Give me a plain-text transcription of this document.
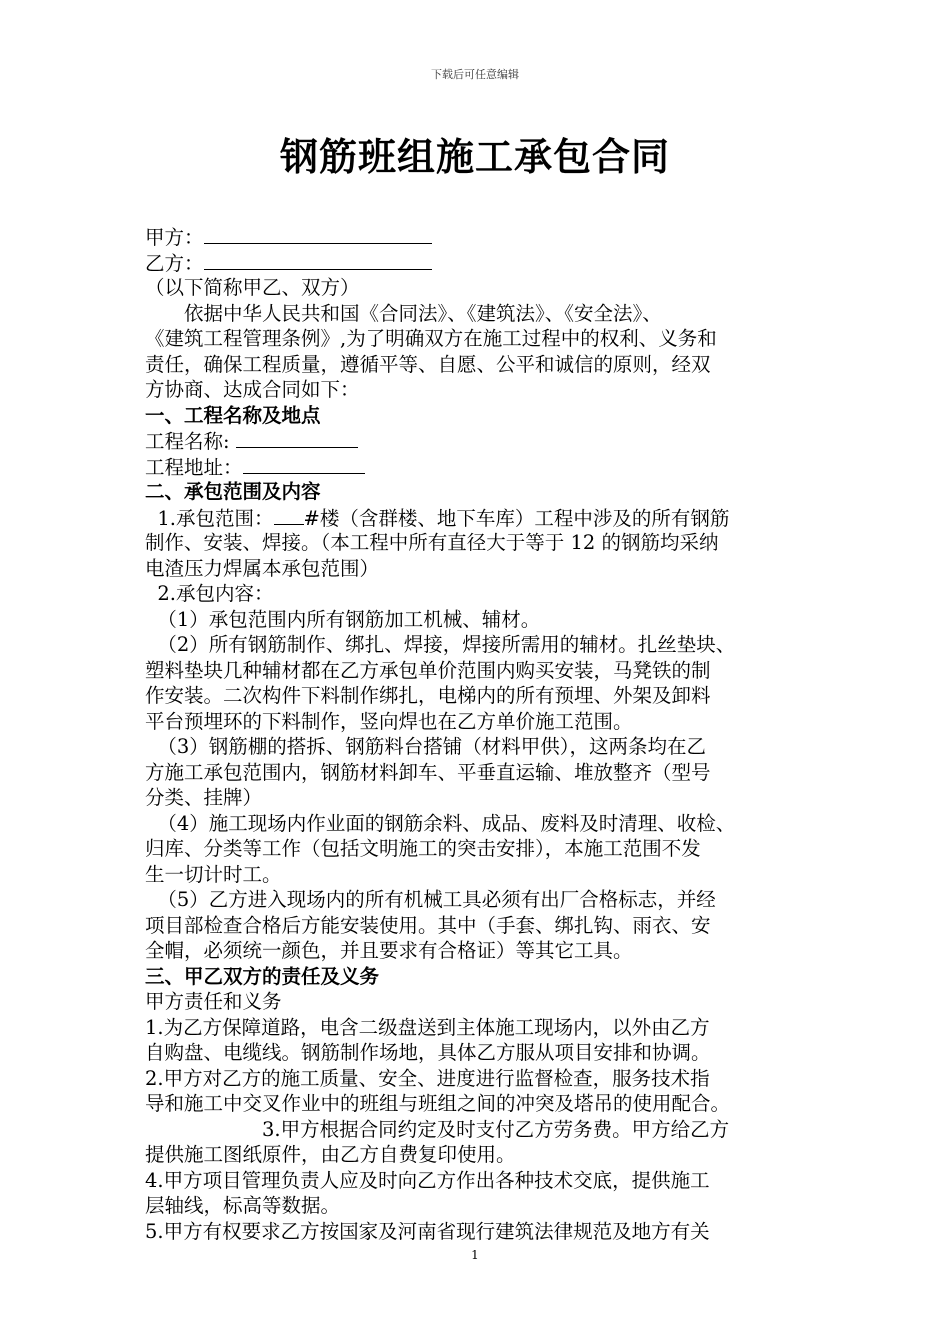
下载后可任意编辑
钢筋班组施工承包合同
甲方：
乙方：
（以下简称甲乙、双方）
　　依据中华人民共和国《合同法》、《建筑法》、《安全法》、
《建筑工程管理条例》,为了明确双方在施工过程中的权利、义务和
责任，确保工程质量，遵循平等、自愿、公平和诚信的原则，经双
方协商、达成合同如下：
一、工程名称及地点
工程名称:
工程地址：
二、承包范围及内容
1.承包范围： #楼（含群楼、地下车库）工程中涉及的所有钢筋
制作、安装、焊接。（本工程中所有直径大于等于 12 的钢筋均采纳
电渣压力焊属本承包范围）
2.承包内容：
（1）承包范围内所有钢筋加工机械、辅材。
（2）所有钢筋制作、绑扎、焊接，焊接所需用的辅材。扎丝垫块、
塑料垫块几种辅材都在乙方承包单价范围内购买安装，马凳铁的制
作安装。二次构件下料制作绑扎，电梯内的所有预埋、外架及卸料
平台预埋环的下料制作，竖向焊也在乙方单价施工范围。
（3）钢筋棚的搭拆、钢筋料台搭铺（材料甲供），这两条均在乙
方施工承包范围内，钢筋材料卸车、平垂直运输、堆放整齐（型号
分类、挂牌）
（4）施工现场内作业面的钢筋余料、成品、废料及时清理、收检、
归库、分类等工作（包括文明施工的突击安排），本施工范围不发
生一切计时工。
（5）乙方进入现场内的所有机械工具必须有出厂合格标志，并经
项目部检查合格后方能安装使用。其中（手套、绑扎钩、雨衣、安
全帽，必须统一颜色，并且要求有合格证）等其它工具。
三、甲乙双方的责任及义务
甲方责任和义务
1.为乙方保障道路，电含二级盘送到主体施工现场内，以外由乙方
自购盘、电缆线。钢筋制作场地，具体乙方服从项目安排和协调。
2.甲方对乙方的施工质量、安全、进度进行监督检查，服务技术指
导和施工中交叉作业中的班组与班组之间的冲突及塔吊的使用配合。
　　　　　　3.甲方根据合同约定及时支付乙方劳务费。甲方给乙方
提供施工图纸原件，由乙方自费复印使用。
4.甲方项目管理负责人应及时向乙方作出各种技术交底，提供施工
层轴线，标高等数据。
5.甲方有权要求乙方按国家及河南省现行建筑法律规范及地方有关
1
